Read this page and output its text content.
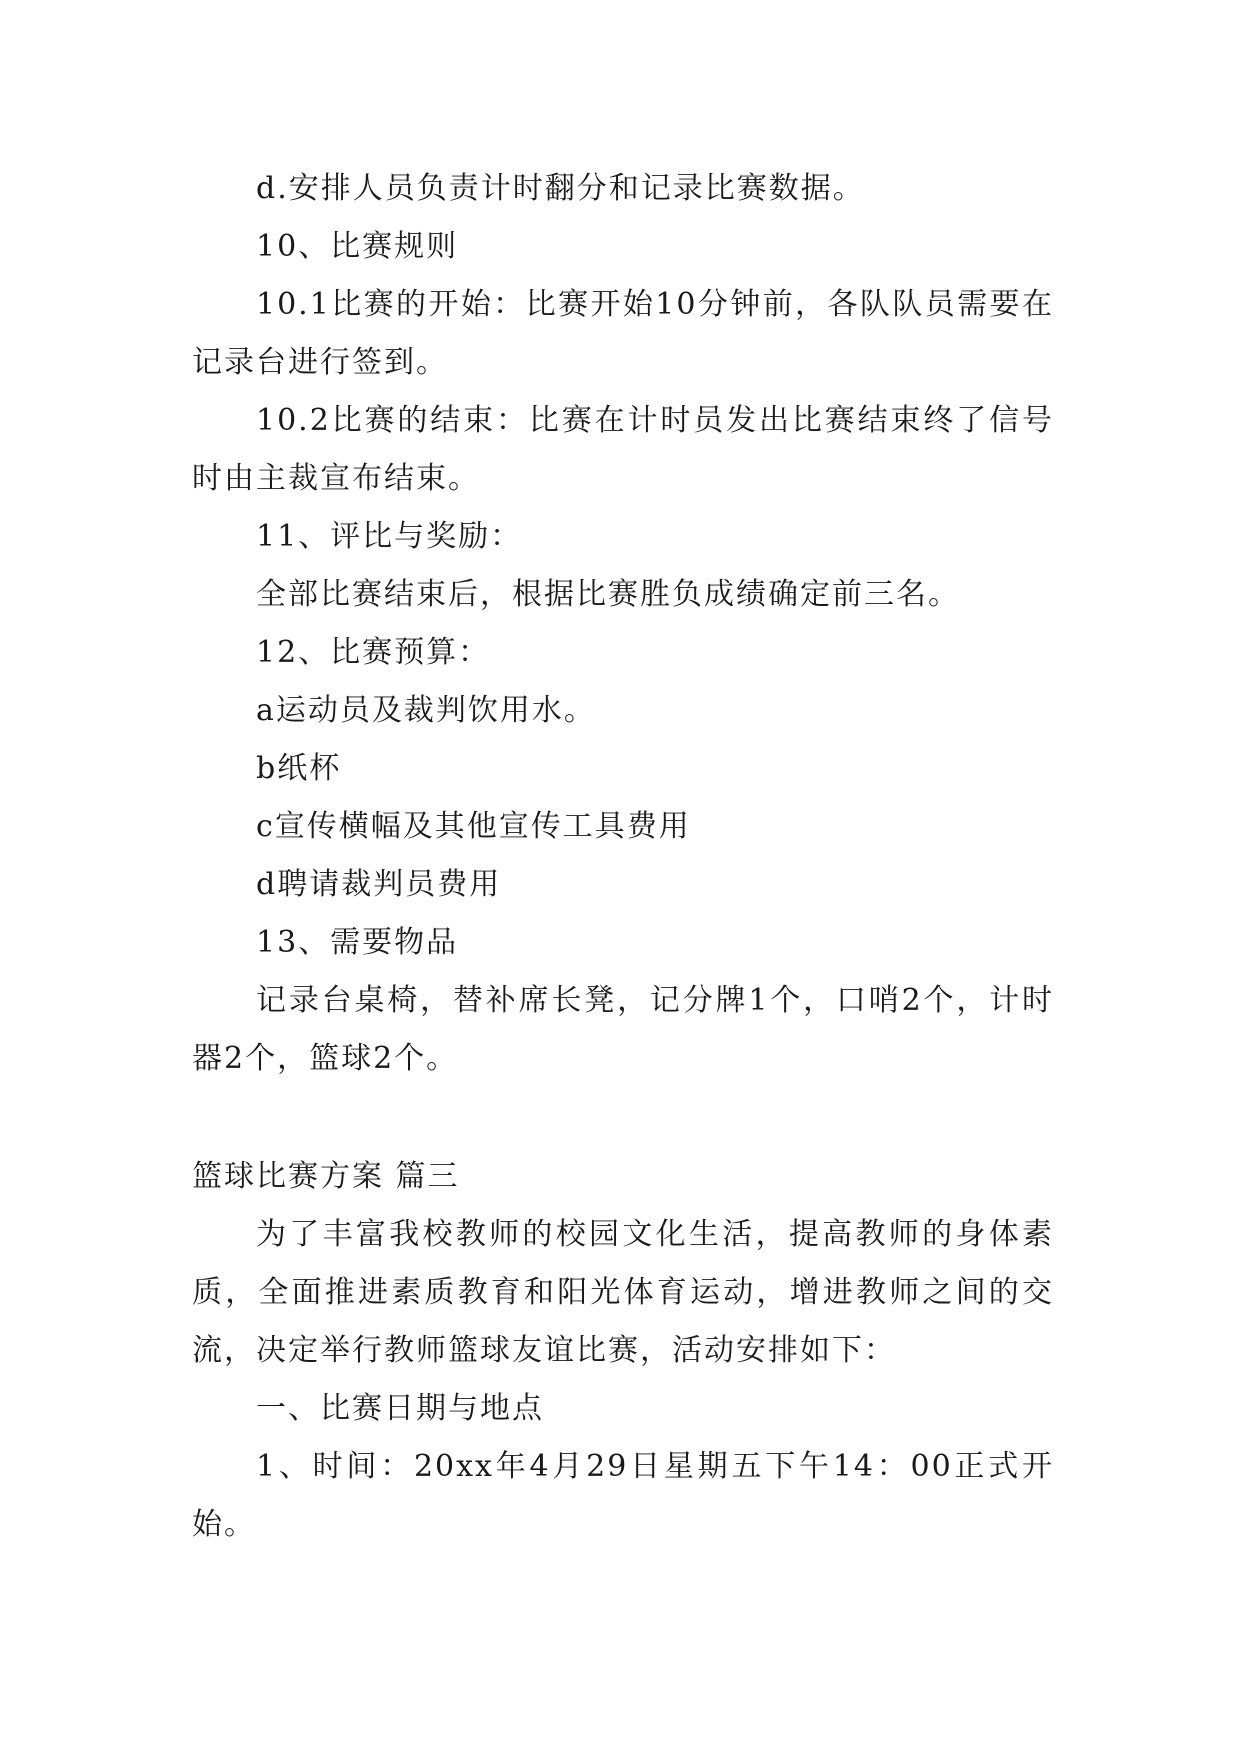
d.安排人员负责计时翻分和记录比赛数据。

10、比赛规则

10.1比赛的开始：比赛开始10分钟前，各队队员需要在记录台进行签到。

10.2比赛的结束：比赛在计时员发出比赛结束终了信号时由主裁宣布结束。

11、评比与奖励：

全部比赛结束后，根据比赛胜负成绩确定前三名。

12、比赛预算：

a运动员及裁判饮用水。

b纸杯

c宣传横幅及其他宣传工具费用

d聘请裁判员费用

13、需要物品

记录台桌椅，替补席长凳，记分牌1个，口哨2个，计时器2个，篮球2个。

篮球比赛方案 篇三

为了丰富我校教师的校园文化生活，提高教师的身体素质，全面推进素质教育和阳光体育运动，增进教师之间的交流，决定举行教师篮球友谊比赛，活动安排如下：

一、比赛日期与地点

1、时间：20xx年4月29日星期五下午14：00正式开始。
